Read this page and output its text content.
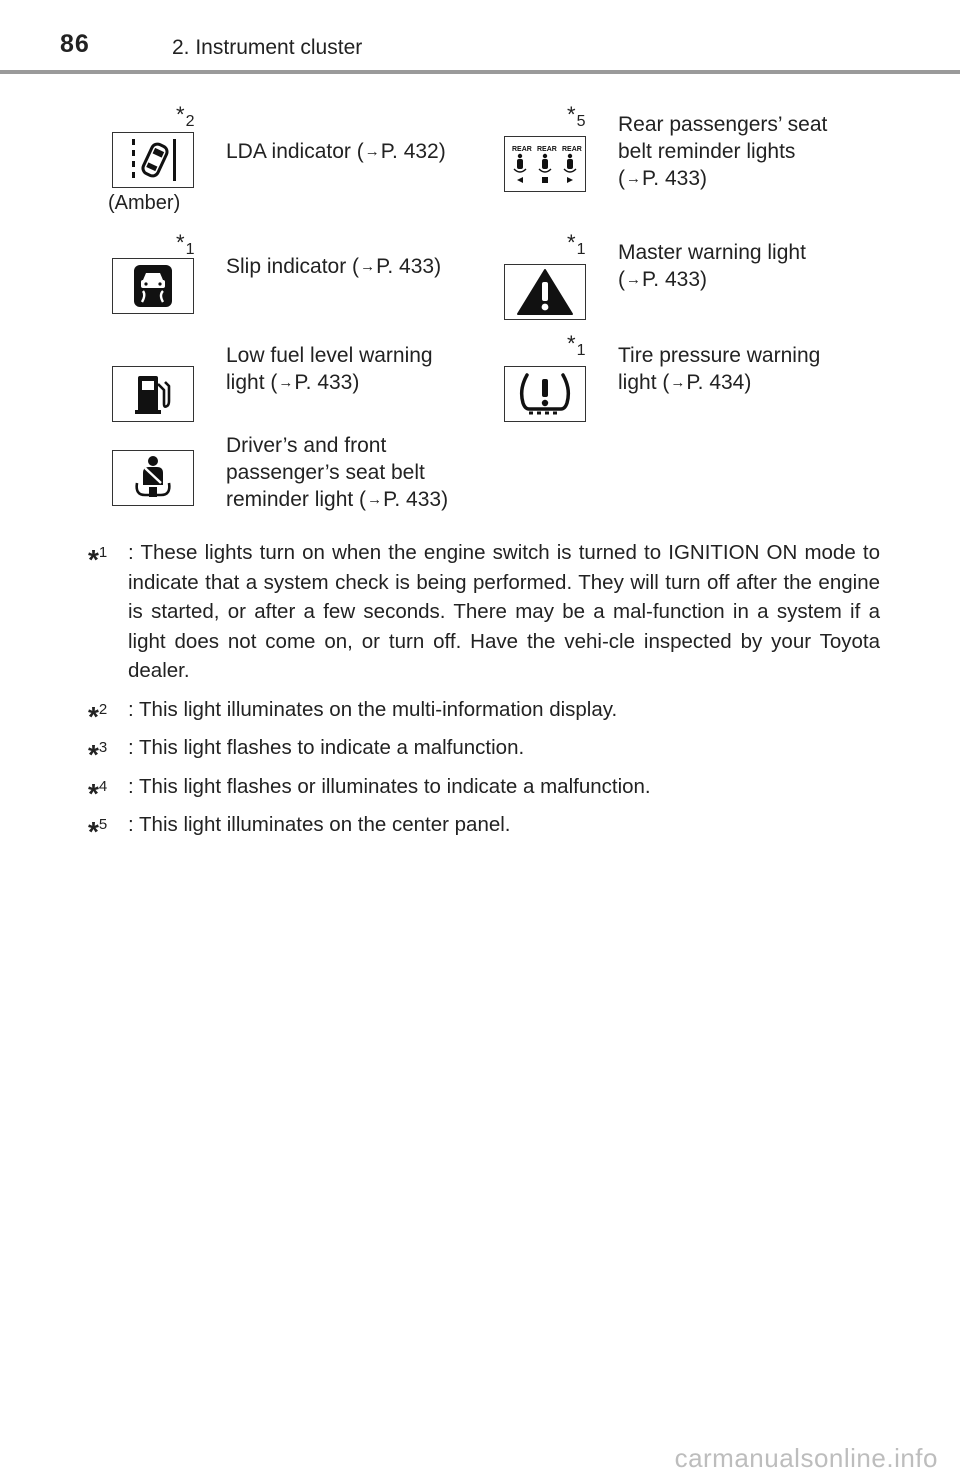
86	2. Instrument cluster
*2
(Amber)
LDA indicator (→P. 432)
*5
REAR REAR REAR
Rear passengers’ seat
belt reminder lights
(→P. 433)
*1
Slip indicator (→P. 433)
*1 Master warning light
(→P. 433)
Low fuel level warning
light (→P. 433)
*1 Tire pressure warning
light (→P. 434)
Driver’s and front
passenger’s seat belt
reminder light (→P. 433)
*$^1$ : These lights turn on when the engine switch is turned to IGNITION ON mode to indicate that a system check is being performed. They will turn off after the engine is started, or after a few seconds. There may be a mal-function in a system if a light does not come on, or turn off. Have the vehi-cle inspected by your Toyota dealer.
*$^2$ : This light illuminates on the multi-information display.
*$^3$ : This light flashes to indicate a malfunction.
*$^4$ : This light flashes or illuminates to indicate a malfunction.
*$^5$ : This light illuminates on the center panel.
carmanualsonline.info
